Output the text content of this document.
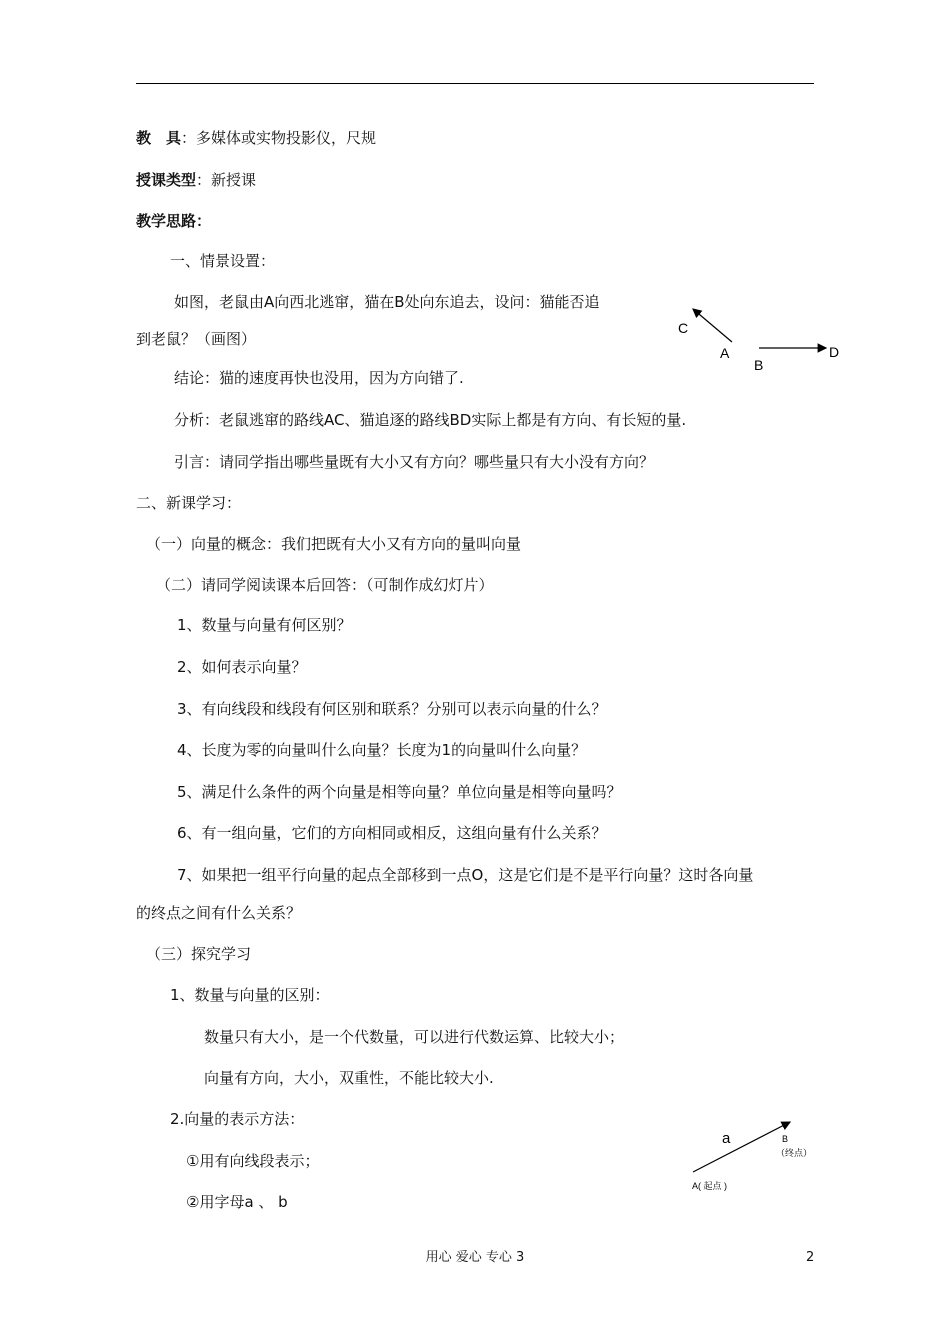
教　具：多媒体或实物投影仪，尺规
授课类型：新授课
教学思路：
一、情景设置：
如图，老鼠由A向西北逃窜，猫在B处向东追去，设问：猫能否追
到老鼠？（画图）
C
A
B
D
结论：猫的速度再快也没用，因为方向错了.
分析：老鼠逃窜的路线AC、猫追逐的路线BD实际上都是有方向、有长短的量.
引言：请同学指出哪些量既有大小又有方向？哪些量只有大小没有方向？
二、新课学习：
（一）向量的概念：我们把既有大小又有方向的量叫向量
（二）请同学阅读课本后回答：（可制作成幻灯片）
1、数量与向量有何区别？
2、如何表示向量？
3、有向线段和线段有何区别和联系？分别可以表示向量的什么？
4、长度为零的向量叫什么向量？长度为1的向量叫什么向量？
5、满足什么条件的两个向量是相等向量？单位向量是相等向量吗？
6、有一组向量，它们的方向相同或相反，这组向量有什么关系？
7、如果把一组平行向量的起点全部移到一点O，这是它们是不是平行向量？这时各向量
的终点之间有什么关系？
（三）探究学习
1、数量与向量的区别：
数量只有大小，是一个代数量，可以进行代数运算、比较大小；
向量有方向，大小，双重性，不能比较大小.
2.向量的表示方法：
①用有向线段表示；
②用字母a 、 b
a	B
（终点）
A( 起点 )
用心 爱心 专心 3	2
